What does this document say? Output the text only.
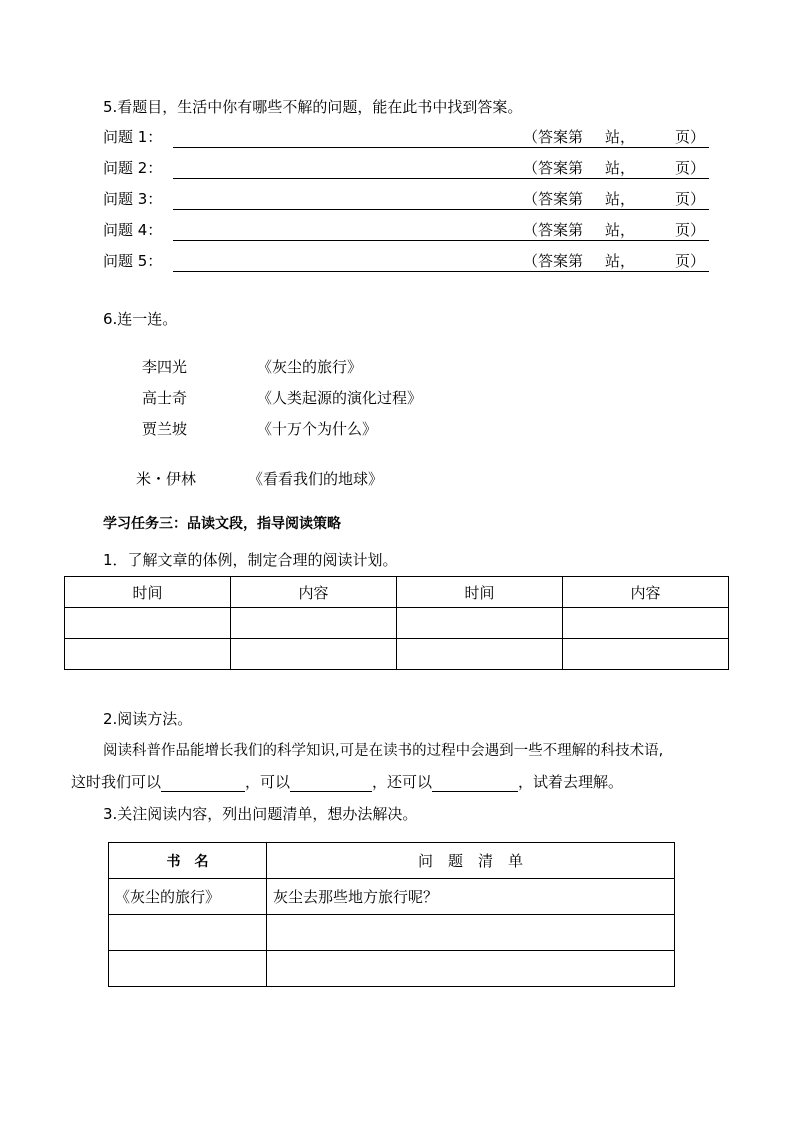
5.看题目，生活中你有哪些不解的问题，能在此书中找到答案。
问题 1：	（答案第 站，	页）
问题 2：	（答案第 站，	页）
问题 3：	（答案第 站，	页）
问题 4：	（答案第 站，	页）
问题 5：	（答案第 站，	页）
6.连一连。
李四光	《灰尘的旅行》
高士奇	《人类起源的演化过程》
贾兰坡	《十万个为什么》
米・伊林	《看看我们的地球》
学习任务三：品读文段，指导阅读策略
1．了解文章的体例，制定合理的阅读计划。
时间	内容	时间	内容

2.阅读方法。
阅读科普作品能增长我们的科学知识,可是在读书的过程中会遇到一些不理解的科技术语,
这时我们可以	，可以	，还可以	，试着去理解。
3.关注阅读内容，列出问题清单，想办法解决。
书　名	问　题　清　单
《灰尘的旅行》	灰尘去那些地方旅行呢？
